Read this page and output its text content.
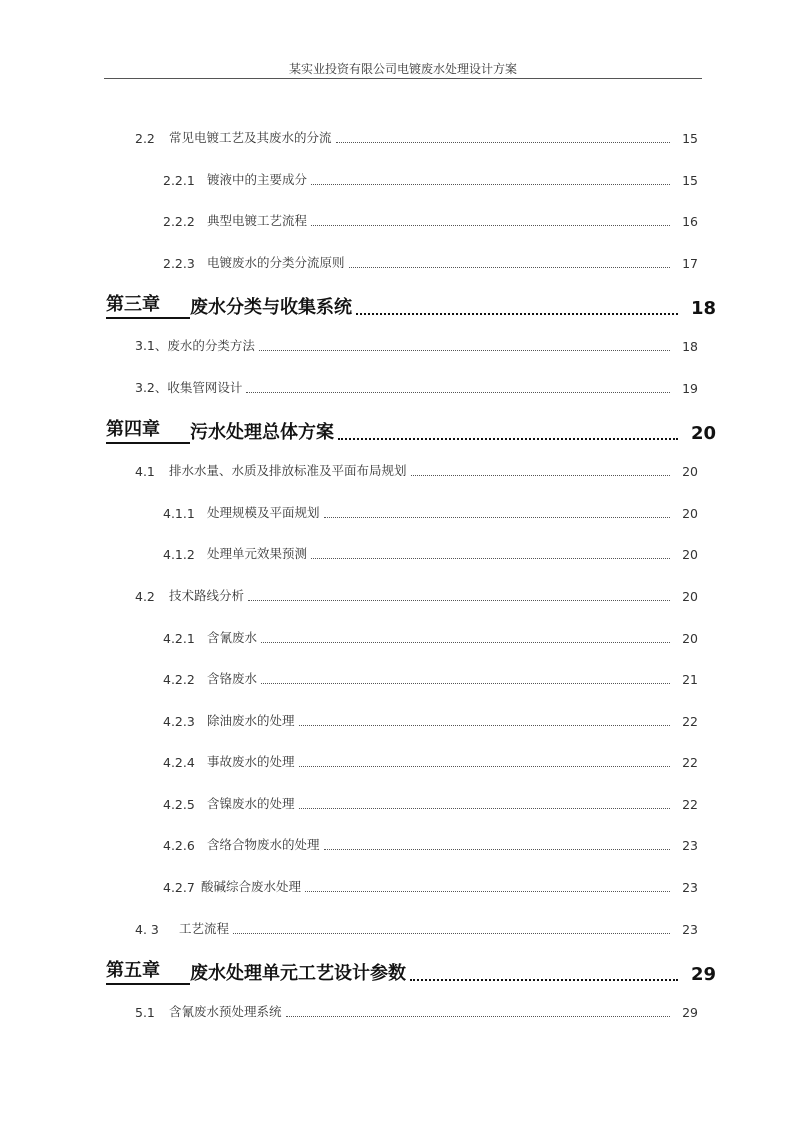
某实业投资有限公司电镀废水处理设计方案
2.2	常见电镀工艺及其废水的分流	15
2.2.1 镀液中的主要成分	15
2.2.2 典型电镀工艺流程	16
2.2.3 电镀废水的分类分流原则	17
第三章	废水分类与收集系统	18
3.1、废水的分类方法	18
3.2、收集管网设计	19
第四章	污水处理总体方案	20
4.1	排水水量、水质及排放标准及平面布局规划	20
4.1.1 处理规模及平面规划	20
4.1.2 处理单元效果预测	20
4.2	技术路线分析	20
4.2.1 含氰废水	20
4.2.2 含铬废水	21
4.2.3 除油废水的处理	22
4.2.4 事故废水的处理	22
4.2.5 含镍废水的处理	22
4.2.6 含络合物废水的处理	23
4.2.7 酸碱综合废水处理	23
4. 3	工艺流程	23
第五章	废水处理单元工艺设计参数	29
5.1	含氰废水预处理系统	29
